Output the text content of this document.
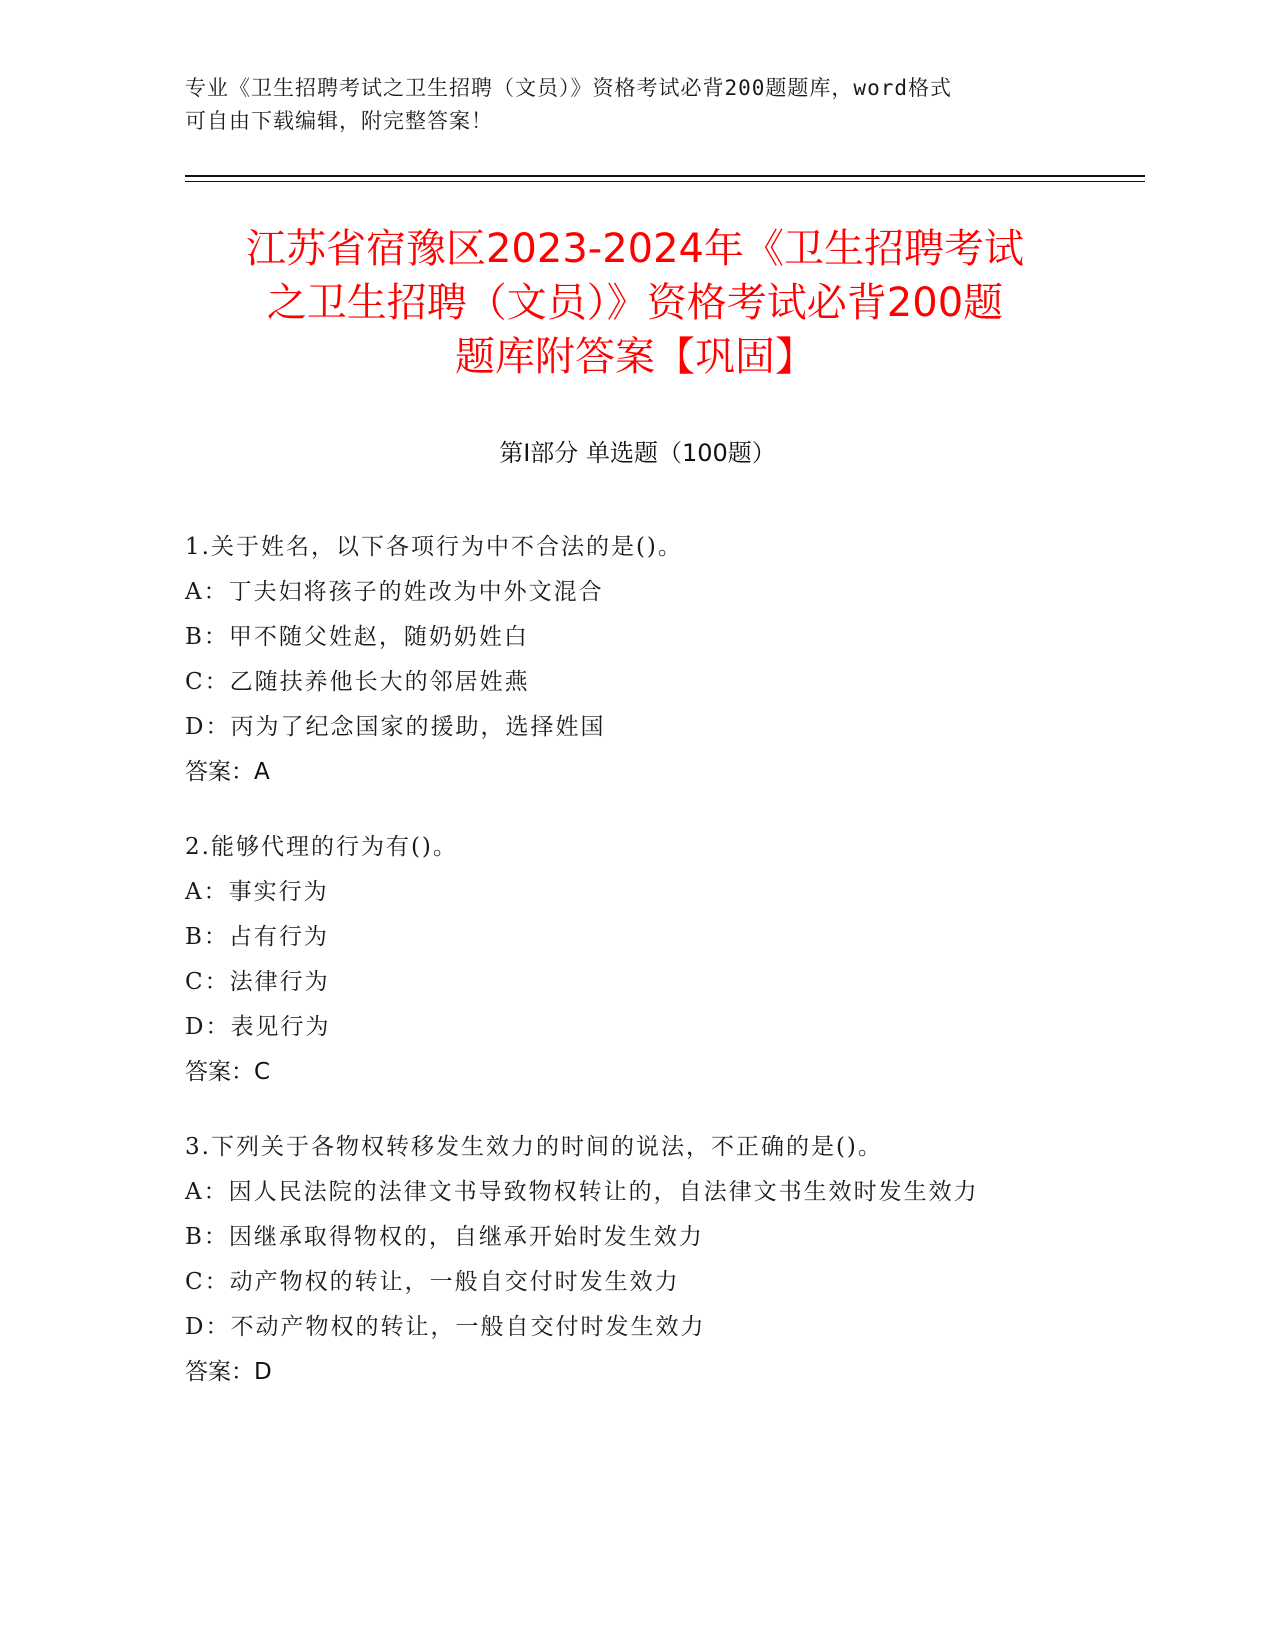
专业《卫生招聘考试之卫生招聘（文员）》资格考试必背200题题库，word格式
可自由下载编辑，附完整答案！
江苏省宿豫区2023-2024年《卫生招聘考试
之卫生招聘（文员）》资格考试必背200题
题库附答案【巩固】
第Ⅰ部分 单选题（100题）
1.关于姓名，以下各项行为中不合法的是()。
A：丁夫妇将孩子的姓改为中外文混合
B：甲不随父姓赵，随奶奶姓白
C：乙随扶养他长大的邻居姓燕
D：丙为了纪念国家的援助，选择姓国
答案：A
2.能够代理的行为有()。
A：事实行为
B：占有行为
C：法律行为
D：表见行为
答案：C
3.下列关于各物权转移发生效力的时间的说法，不正确的是()。
A：因人民法院的法律文书导致物权转让的，自法律文书生效时发生效力
B：因继承取得物权的，自继承开始时发生效力
C：动产物权的转让，一般自交付时发生效力
D：不动产物权的转让，一般自交付时发生效力
答案：D
